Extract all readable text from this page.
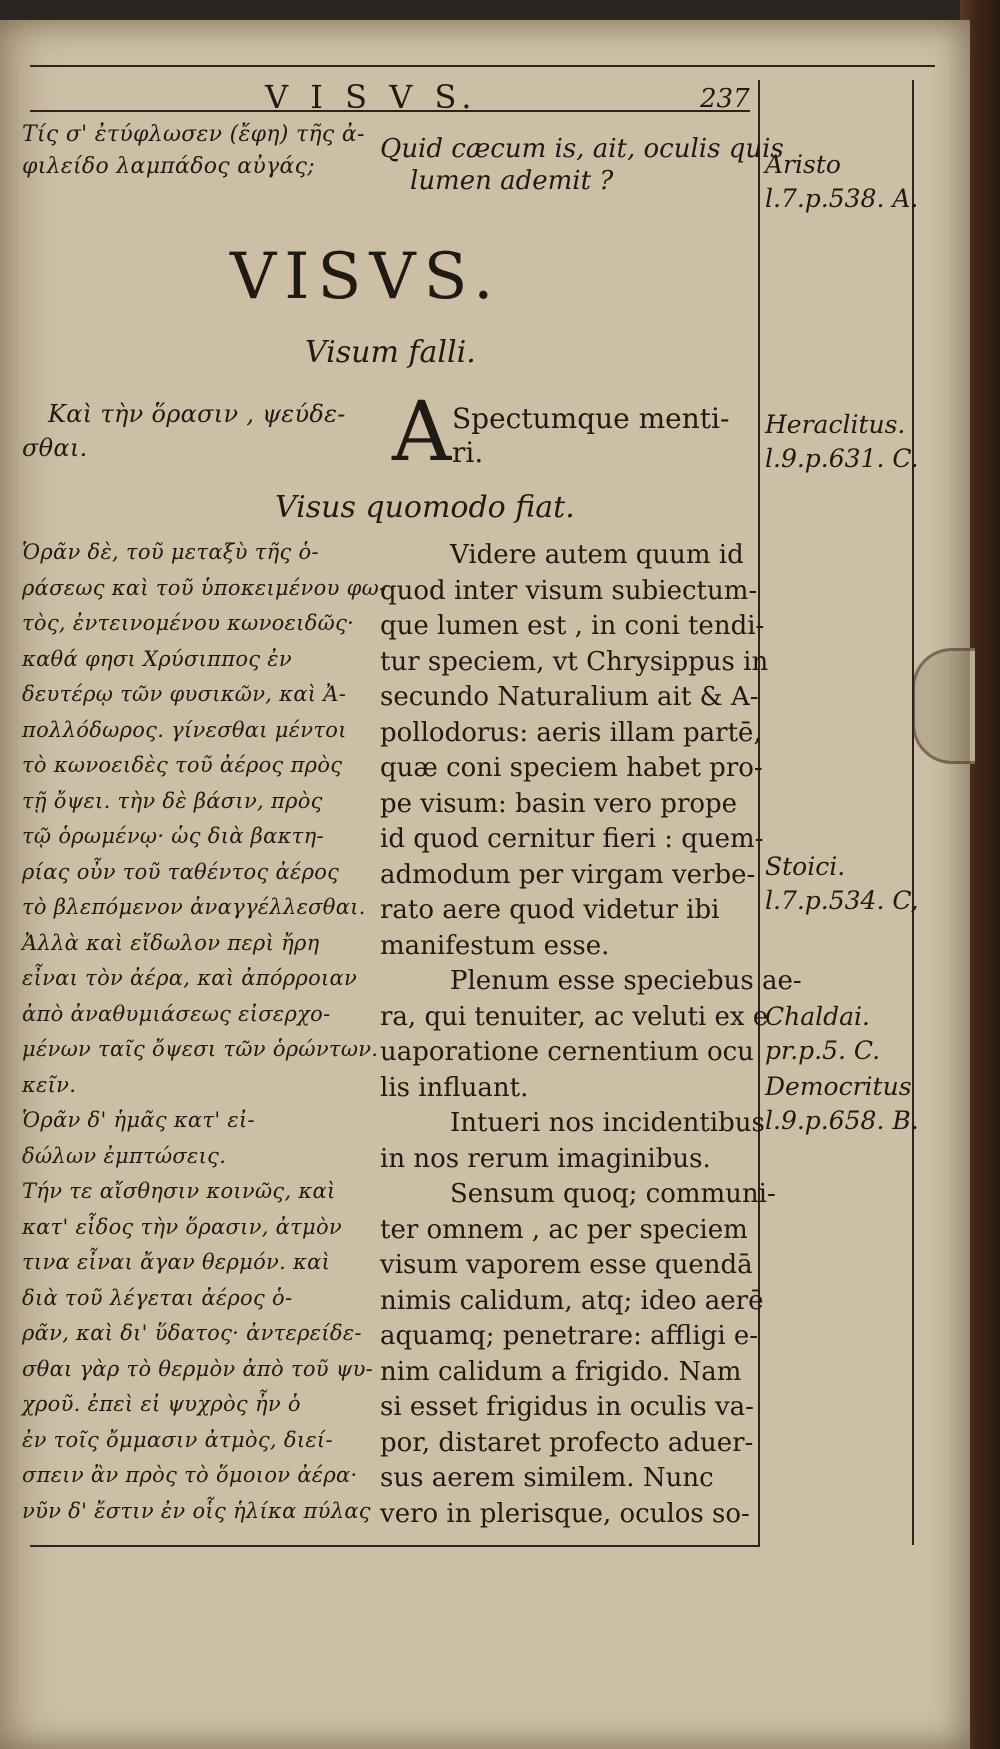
V I S V S.	237
Τίς σ' ἐτύφλωσεν (ἔφη) τῆς ἀ-
φιλείδο λαμπάδος αὐγάς;
Quid cæcum is, ait, oculis quis
lumen ademit ?
Aristo
l.7.p.538. A.
VISVS.
Visum falli.
Καὶ τὴν ὅρασιν , ψεύδε-
σθαι.	A Spectumque menti-
ri.
Heraclitus.
l.9.p.631. C.
Visus quomodo fiat.
Ὁρᾶν δὲ, τοῦ μεταξὺ τῆς ὁ-
ράσεως καὶ τοῦ ὑποκειμένου φω-
τὸς, ἐντεινομένου κωνοειδῶς·
καθά φησι Χρύσιππος ἐν
δευτέρῳ τῶν φυσικῶν, καὶ Ἀ-
πολλόδωρος. γίνεσθαι μέντοι
τὸ κωνοειδὲς τοῦ ἀέρος πρὸς
τῇ ὄψει. τὴν δὲ βάσιν, πρὸς
τῷ ὁρωμένῳ· ὡς διὰ βακτη-
ρίας οὖν τοῦ ταθέντος ἀέρος
τὸ βλεπόμενον ἀναγγέλλεσθαι.
Ἀλλὰ καὶ εἴδωλον περὶ ἤρη
εἶναι τὸν ἀέρα, καὶ ἀπόρροιαν
ἀπὸ ἀναθυμιάσεως εἰσερχο-
μένων ταῖς ὄψεσι τῶν ὁρώντων.
κεῖν.
Ὁρᾶν δ' ἡμᾶς κατ' εἰ-
δώλων ἐμπτώσεις.
Τήν τε αἴσθησιν κοινῶς, καὶ
κατ' εἶδος τὴν ὅρασιν, ἀτμὸν
τινα εἶναι ἄγαν θερμόν. καὶ
διὰ τοῦ λέγεται ἀέρος ὁ-
ρᾶν, καὶ δι' ὕδατος· ἀντερείδε-
σθαι γὰρ τὸ θερμὸν ἀπὸ τοῦ ψυ-
χροῦ. ἐπεὶ εἰ ψυχρὸς ἦν ὁ
ἐν τοῖς ὄμμασιν ἀτμὸς, διεί-
σπειν ἂν πρὸς τὸ ὅμοιον ἀέρα·
νῦν δ' ἔστιν ἐν οἷς ἡλίκα πύλας
Videre autem quum id
quod inter visum subiectum-
que lumen est , in coni tendi-
tur speciem, vt Chrysippus in
secundo Naturalium ait & A-
pollodorus: aeris illam partē,
quæ coni speciem habet pro-
pe visum: basin vero prope
id quod cernitur fieri : quem-
admodum per virgam verbe-
rato aere quod videtur ibi
manifestum esse.
Plenum esse speciebus ae-
ra, qui tenuiter, ac veluti ex e
uaporatione cernentium ocu
lis influant.
Intueri nos incidentibus
in nos rerum imaginibus.
Sensum quoq; communi-
ter omnem , ac per speciem
visum vaporem esse quendā
nimis calidum, atq; ideo aerē
aquamq; penetrare: affligi e-
nim calidum a frigido. Nam
si esset frigidus in oculis va-
por, distaret profecto aduer-
sus aerem similem. Nunc
vero in plerisque, oculos so-
Stoici.
l.7.p.534. C,
Chaldai.
pr.p.5. C.
Democritus
l.9.p.658. B.
